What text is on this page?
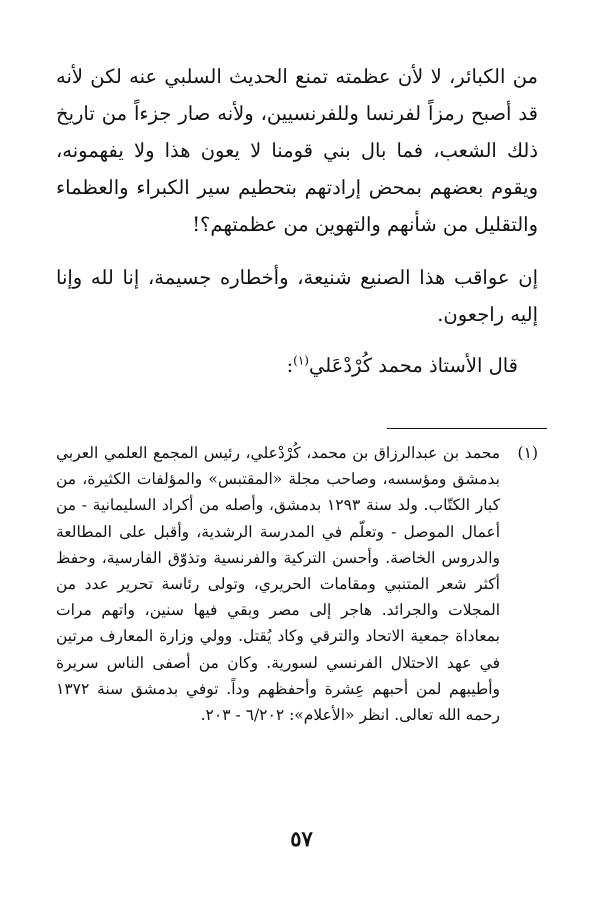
من الكبائر، لا لأن عظمته تمنع الحديث السلبي عنه لكن لأنه قد أصبح رمزاً لفرنسا وللفرنسيين، ولأنه صار جزءاً من تاريخ ذلك الشعب، فما بال بني قومنا لا يعون هذا ولا يفهمونه، ويقوم بعضهم بمحض إرادتهم بتحطيم سير الكبراء والعظماء والتقليل من شأنهم والتهوين من عظمتهم؟!

إن عواقب هذا الصنيع شنيعة، وأخطاره جسيمة، إنا لله وإنا إليه راجعون.

قال الأستاذ محمد كُرْدْعَلي$^{(١)}$:

(١)
محمد بن عبدالرزاق بن محمد، كُرْدْعلي، رئيس المجمع العلمي العربي بدمشق ومؤسسه، وصاحب مجلة «المقتبس» والمؤلفات الكثيرة، من كبار الكتّاب. ولد سنة ١٢٩٣ بدمشق، وأصله من أكراد السليمانية - من أعمال الموصل - وتعلّم في المدرسة الرشدية، وأقبل على المطالعة والدروس الخاصة. وأحسن التركية والفرنسية وتذوّق الفارسية، وحفظ أكثر شعر المتنبي ومقامات الحريري، وتولى رئاسة تحرير عدد من المجلات والجرائد. هاجر إلى مصر وبقي فيها سنين، واتهم مرات بمعاداة جمعية الاتحاد والترقي وكاد يُقتل. وولي وزارة المعارف مرتين في عهد الاحتلال الفرنسي لسورية. وكان من أصفى الناس سريرة وأطيبهم لمن أحبهم عِشرة وأحفظهم وداً. توفي بدمشق سنة ١٣٧٢ رحمه الله تعالى. انظر «الأعلام»: ٦/٢٠٢ - ٢٠٣.
٥٧
